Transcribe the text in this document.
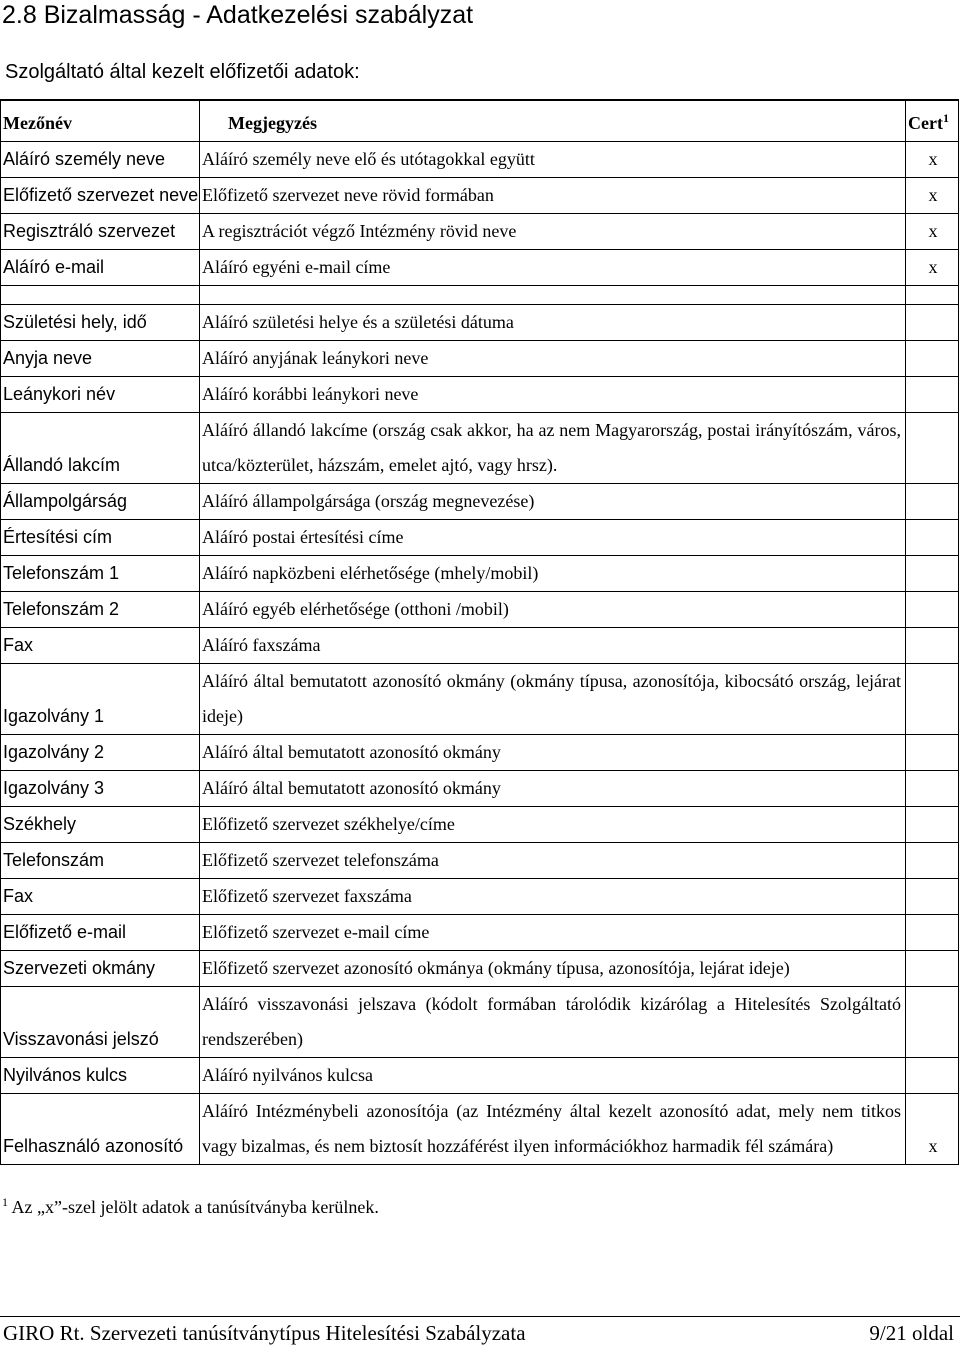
2.8 Bizalmasság - Adatkezelési szabályzat
Szolgáltató által kezelt előfizetői adatok:
Mezőnév	Megjegyzés	Cert$^1$
Aláíró személy neve	Aláíró személy neve elő és utótagokkal együtt	x
Előfizető szervezet neve	Előfizető szervezet neve rövid formában	x
Regisztráló szervezet	A regisztrációt végző Intézmény rövid neve	x
Aláíró e-mail	Aláíró egyéni e-mail címe	x

Születési hely, idő	Aláíró születési helye és a születési dátuma	
Anyja neve	Aláíró anyjának leánykori neve	
Leánykori név	Aláíró korábbi leánykori neve	
Állandó lakcím	Aláíró állandó lakcíme (ország csak akkor, ha az nem Magyarország, postai irányítószám, város, utca/közterület, házszám, emelet ajtó, vagy hrsz).	
Állampolgárság	Aláíró állampolgársága (ország megnevezése)	
Értesítési cím	Aláíró postai értesítési címe	
Telefonszám 1	Aláíró napközbeni elérhetősége (mhely/mobil)	
Telefonszám 2	Aláíró egyéb elérhetősége (otthoni /mobil)	
Fax	Aláíró faxszáma	
Igazolvány 1	Aláíró által bemutatott azonosító okmány (okmány típusa, azonosítója, kibocsátó ország, lejárat ideje)	
Igazolvány 2	Aláíró által bemutatott azonosító okmány	
Igazolvány 3	Aláíró által bemutatott azonosító okmány	
Székhely	Előfizető szervezet székhelye/címe	
Telefonszám	Előfizető szervezet telefonszáma	
Fax	Előfizető szervezet faxszáma	
Előfizető e-mail	Előfizető szervezet e-mail címe	
Szervezeti okmány	Előfizető szervezet azonosító okmánya (okmány típusa, azonosítója, lejárat ideje)	
Visszavonási jelszó	Aláíró visszavonási jelszava (kódolt formában tárolódik kizárólag a Hitelesítés Szolgáltató rendszerében)	
Nyilvános kulcs	Aláíró nyilvános kulcsa	
Felhasználó azonosító	Aláíró Intézménybeli azonosítója (az Intézmény által kezelt azonosító adat, mely nem titkos vagy bizalmas, és nem biztosít hozzáférést ilyen információkhoz harmadik fél számára)	x
$^1$ Az „x”-szel jelölt adatok a tanúsítványba kerülnek.
GIRO Rt. Szervezeti tanúsítványtípus Hitelesítési Szabályzata	9/21 oldal
